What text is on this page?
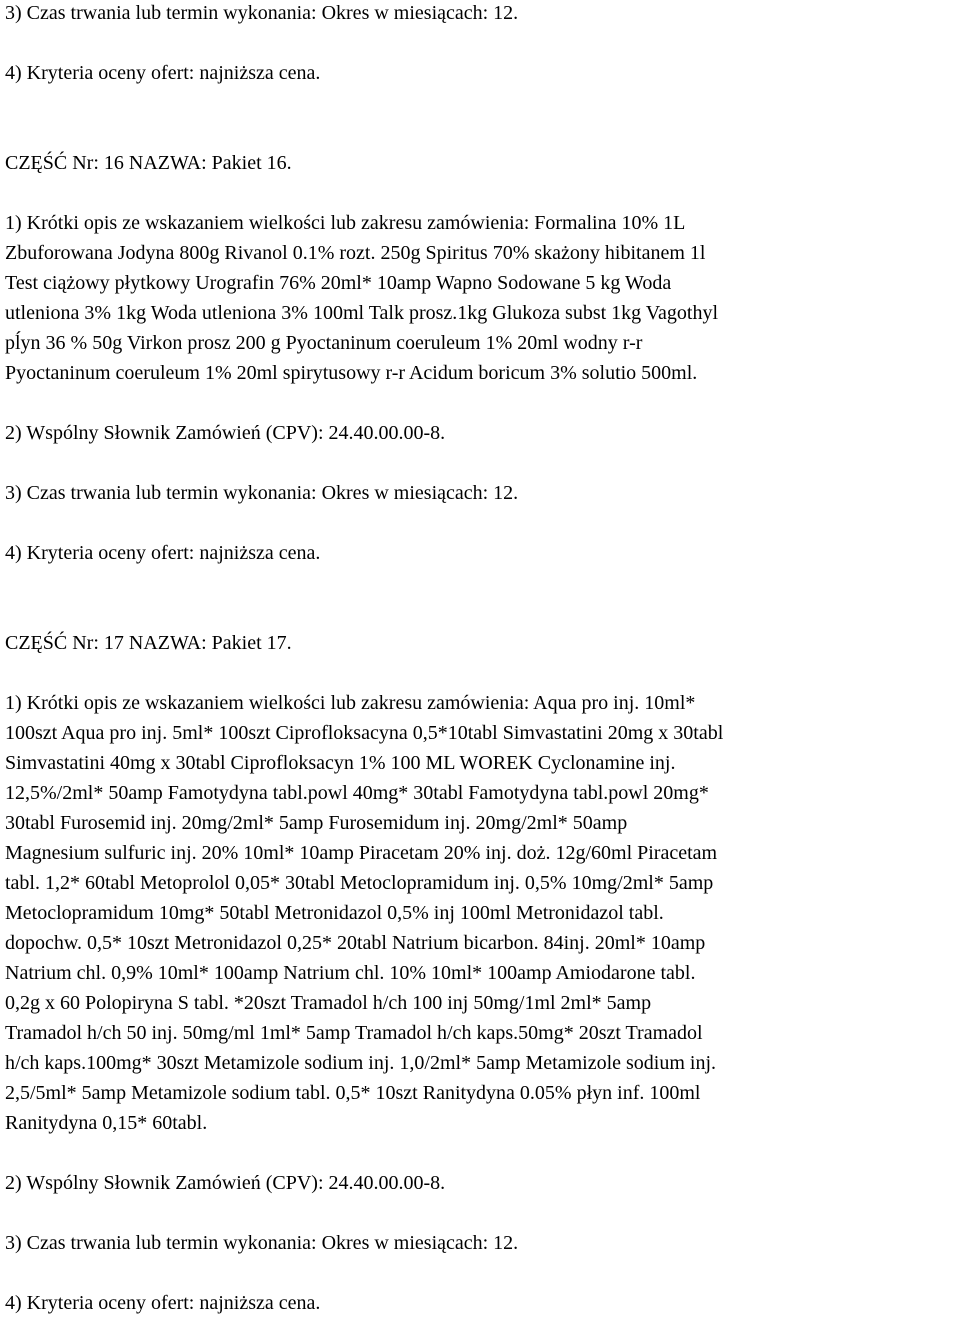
3) Czas trwania lub termin wykonania: Okres w miesiącach: 12.
4) Kryteria oceny ofert: najniższa cena.
CZĘŚĆ Nr: 16 NAZWA: Pakiet 16.
1) Krótki opis ze wskazaniem wielkości lub zakresu zamówienia: Formalina 10% 1L
Zbuforowana Jodyna 800g Rivanol 0.1% rozt. 250g Spiritus 70% skażony hibitanem 1l
Test ciążowy płytkowy Urografin 76% 20ml* 10amp Wapno Sodowane 5 kg Woda
utleniona 3% 1kg Woda utleniona 3% 100ml Talk prosz.1kg Glukoza subst 1kg Vagothyl
pĺyn 36 % 50g Virkon prosz 200 g Pyoctaninum coeruleum 1% 20ml wodny r-r
Pyoctaninum coeruleum 1% 20ml spirytusowy r-r Acidum boricum 3% solutio 500ml.
2) Wspólny Słownik Zamówień (CPV): 24.40.00.00-8.
3) Czas trwania lub termin wykonania: Okres w miesiącach: 12.
4) Kryteria oceny ofert: najniższa cena.
CZĘŚĆ Nr: 17 NAZWA: Pakiet 17.
1) Krótki opis ze wskazaniem wielkości lub zakresu zamówienia: Aqua pro inj. 10ml*
100szt Aqua pro inj. 5ml* 100szt Ciprofloksacyna 0,5*10tabl Simvastatini 20mg x 30tabl
Simvastatini 40mg x 30tabl Ciprofloksacyn 1% 100 ML WOREK Cyclonamine inj.
12,5%/2ml* 50amp Famotydyna tabl.powl 40mg* 30tabl Famotydyna tabl.powl 20mg*
30tabl Furosemid inj. 20mg/2ml* 5amp Furosemidum inj. 20mg/2ml* 50amp
Magnesium sulfuric inj. 20% 10ml* 10amp Piracetam 20% inj. doż. 12g/60ml Piracetam
tabl. 1,2* 60tabl Metoprolol 0,05* 30tabl Metoclopramidum inj. 0,5% 10mg/2ml* 5amp
Metoclopramidum 10mg* 50tabl Metronidazol 0,5% inj 100ml Metronidazol tabl.
dopochw. 0,5* 10szt Metronidazol 0,25* 20tabl Natrium bicarbon. 84inj. 20ml* 10amp
Natrium chl. 0,9% 10ml* 100amp Natrium chl. 10% 10ml* 100amp Amiodarone tabl.
0,2g x 60 Polopiryna S tabl. *20szt Tramadol h/ch 100 inj 50mg/1ml 2ml* 5amp
Tramadol h/ch 50 inj. 50mg/ml 1ml* 5amp Tramadol h/ch kaps.50mg* 20szt Tramadol
h/ch kaps.100mg* 30szt Metamizole sodium inj. 1,0/2ml* 5amp Metamizole sodium inj.
2,5/5ml* 5amp Metamizole sodium tabl. 0,5* 10szt Ranitydyna 0.05% płyn inf. 100ml
Ranitydyna 0,15* 60tabl.
2) Wspólny Słownik Zamówień (CPV): 24.40.00.00-8.
3) Czas trwania lub termin wykonania: Okres w miesiącach: 12.
4) Kryteria oceny ofert: najniższa cena.
